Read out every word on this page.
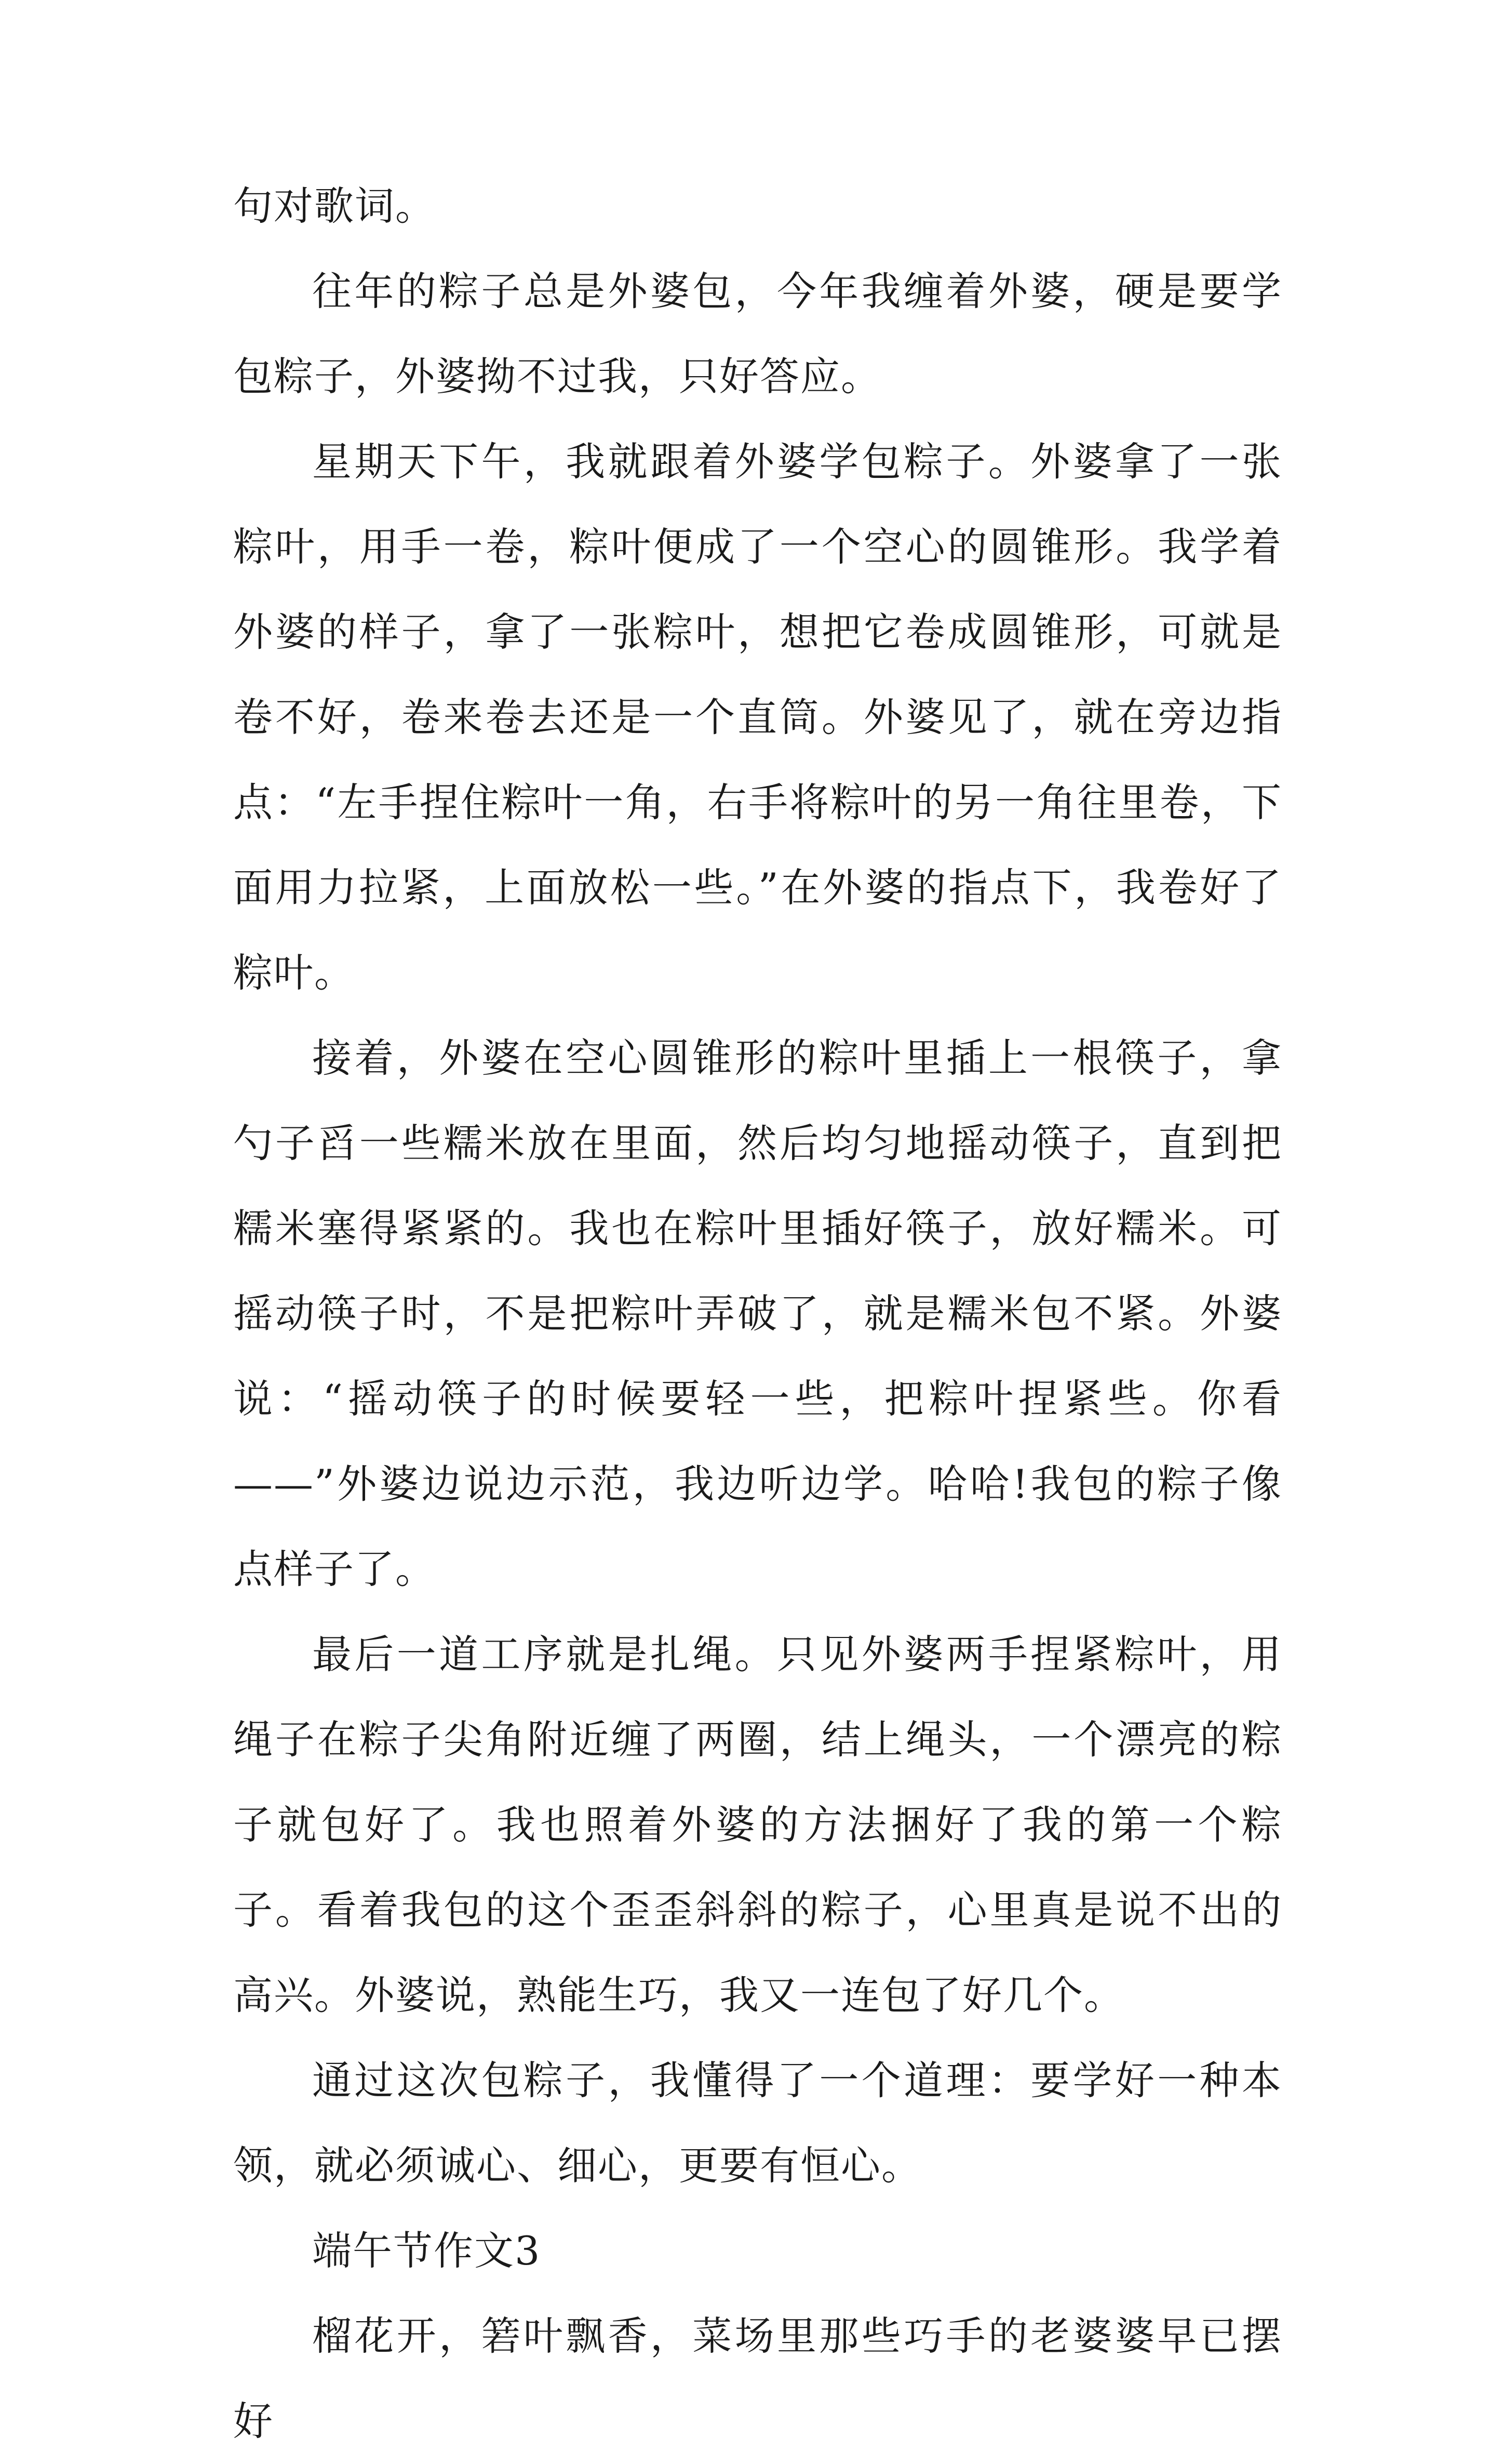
句对歌词。

往年的粽子总是外婆包，今年我缠着外婆，硬是要学包粽子，外婆拗不过我，只好答应。

星期天下午，我就跟着外婆学包粽子。外婆拿了一张粽叶，用手一卷，粽叶便成了一个空心的圆锥形。我学着外婆的样子，拿了一张粽叶，想把它卷成圆锥形，可就是卷不好，卷来卷去还是一个直筒。外婆见了，就在旁边指点：“左手捏住粽叶一角，右手将粽叶的另一角往里卷，下面用力拉紧，上面放松一些。”在外婆的指点下，我卷好了粽叶。

接着，外婆在空心圆锥形的粽叶里插上一根筷子，拿勺子舀一些糯米放在里面，然后均匀地摇动筷子，直到把糯米塞得紧紧的。我也在粽叶里插好筷子，放好糯米。可摇动筷子时，不是把粽叶弄破了，就是糯米包不紧。外婆说：“摇动筷子的时候要轻一些，把粽叶捏紧些。你看——”外婆边说边示范，我边听边学。哈哈!我包的粽子像点样子了。

最后一道工序就是扎绳。只见外婆两手捏紧粽叶，用绳子在粽子尖角附近缠了两圈，结上绳头，一个漂亮的粽子就包好了。我也照着外婆的方法捆好了我的第一个粽子。看着我包的这个歪歪斜斜的粽子，心里真是说不出的高兴。外婆说，熟能生巧，我又一连包了好几个。

通过这次包粽子，我懂得了一个道理：要学好一种本领，就必须诚心、细心，更要有恒心。

端午节作文3

榴花开，箬叶飘香，菜场里那些巧手的老婆婆早已摆好
